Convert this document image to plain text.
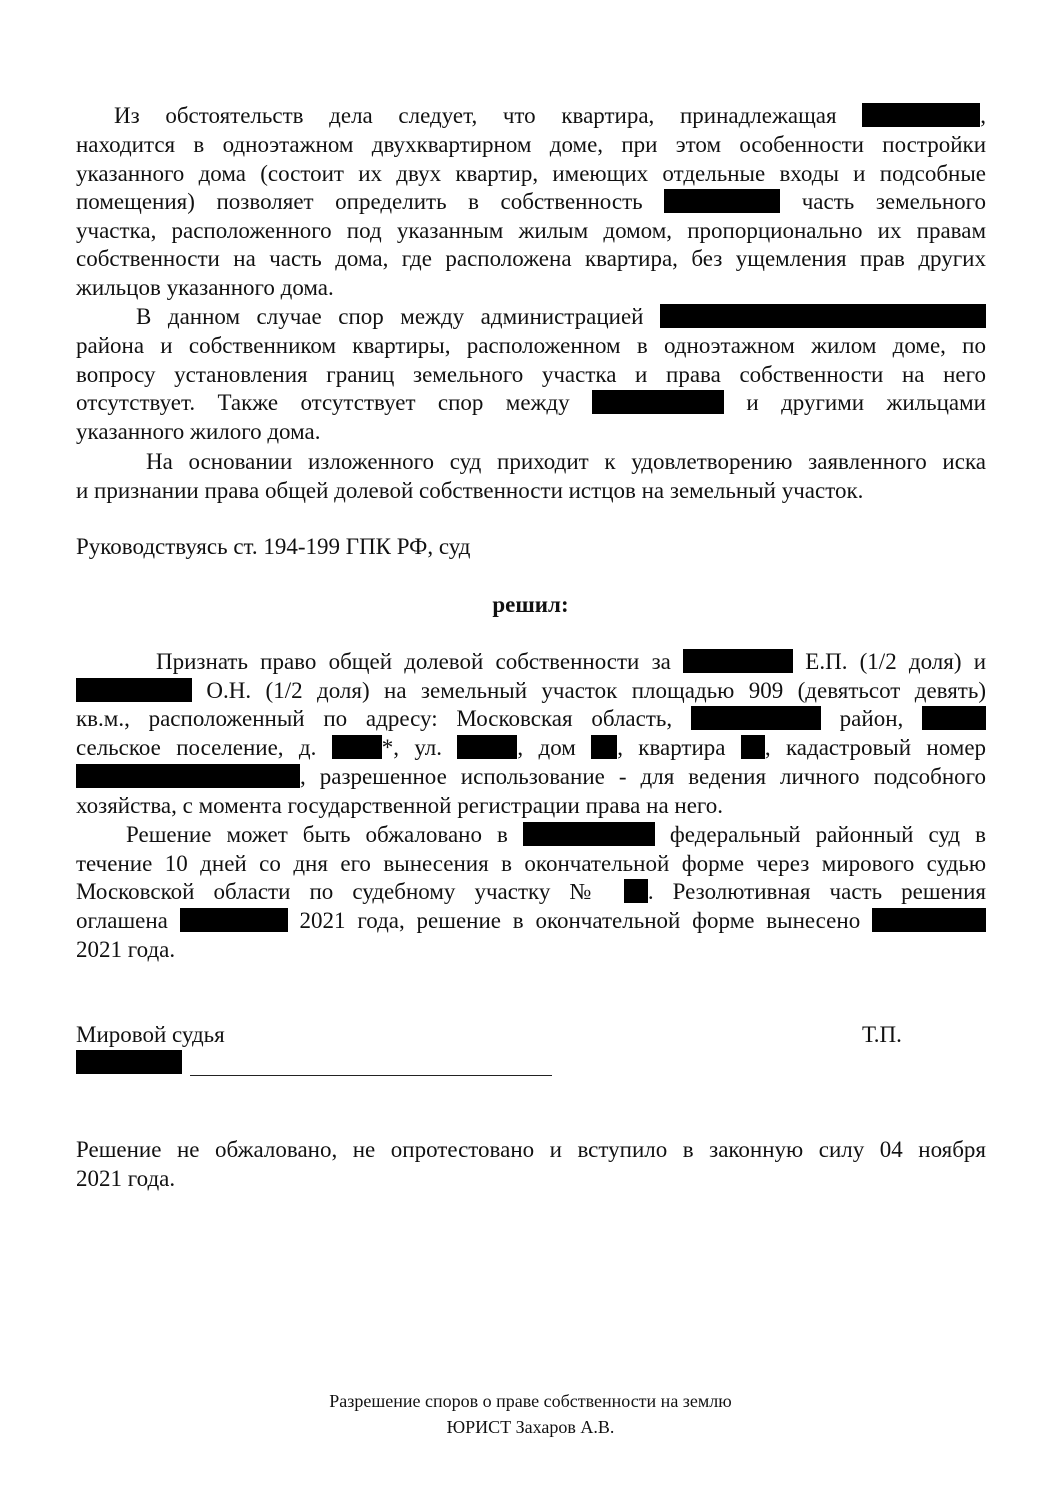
Из обстоятельств дела следует, что квартира, принадлежащая	,

находится в одноэтажном двухквартирном доме, при этом особенности постройки

указанного дома (состоит их двух квартир, имеющих отдельные входы и подсобные

помещения) позволяет определить в собственность	часть земельного

участка, расположенного под указанным жилым домом, пропорционально их правам

собственности на часть дома, где расположена квартира, без ущемления прав других

жильцов указанного дома.

В данном случае спор между администрацией

района и собственником квартиры, расположенном в одноэтажном жилом доме, по

вопросу установления границ земельного участка и права собственности на него

отсутствует. Также отсутствует спор между	и другими жильцами

указанного жилого дома.

На основании изложенного суд приходит к удовлетворению заявленного иска

и признании права общей долевой собственности истцов на земельный участок.

Руководствуясь ст. 194-199 ГПК РФ, суд

решил:

Признать право общей долевой собственности за	Е.П. (1/2 доля) и

О.Н. (1/2 доля) на земельный участок площадью 909 (девятьсот девять)

кв.м., расположенный по адресу: Московская область,	район,

сельское поселение, д.	*, ул.	, дом , квартира , кадастровый номер

, разрешенное использование - для ведения личного подсобного

хозяйства, с момента государственной регистрации права на него.

Решение может быть обжаловано в	федеральный районный суд в

течение 10 дней со дня его вынесения в окончательной форме через мирового судью

Московской области по судебному участку № . Резолютивная часть решения

оглашена	2021 года, решение в окончательной форме вынесено

2021 года.

Мировой судья	Т.П.

Решение не обжаловано, не опротестовано и вступило в законную силу 04 ноября

2021 года.

Разрешение споров о праве собственности на землю
ЮРИСТ Захаров А.В.
